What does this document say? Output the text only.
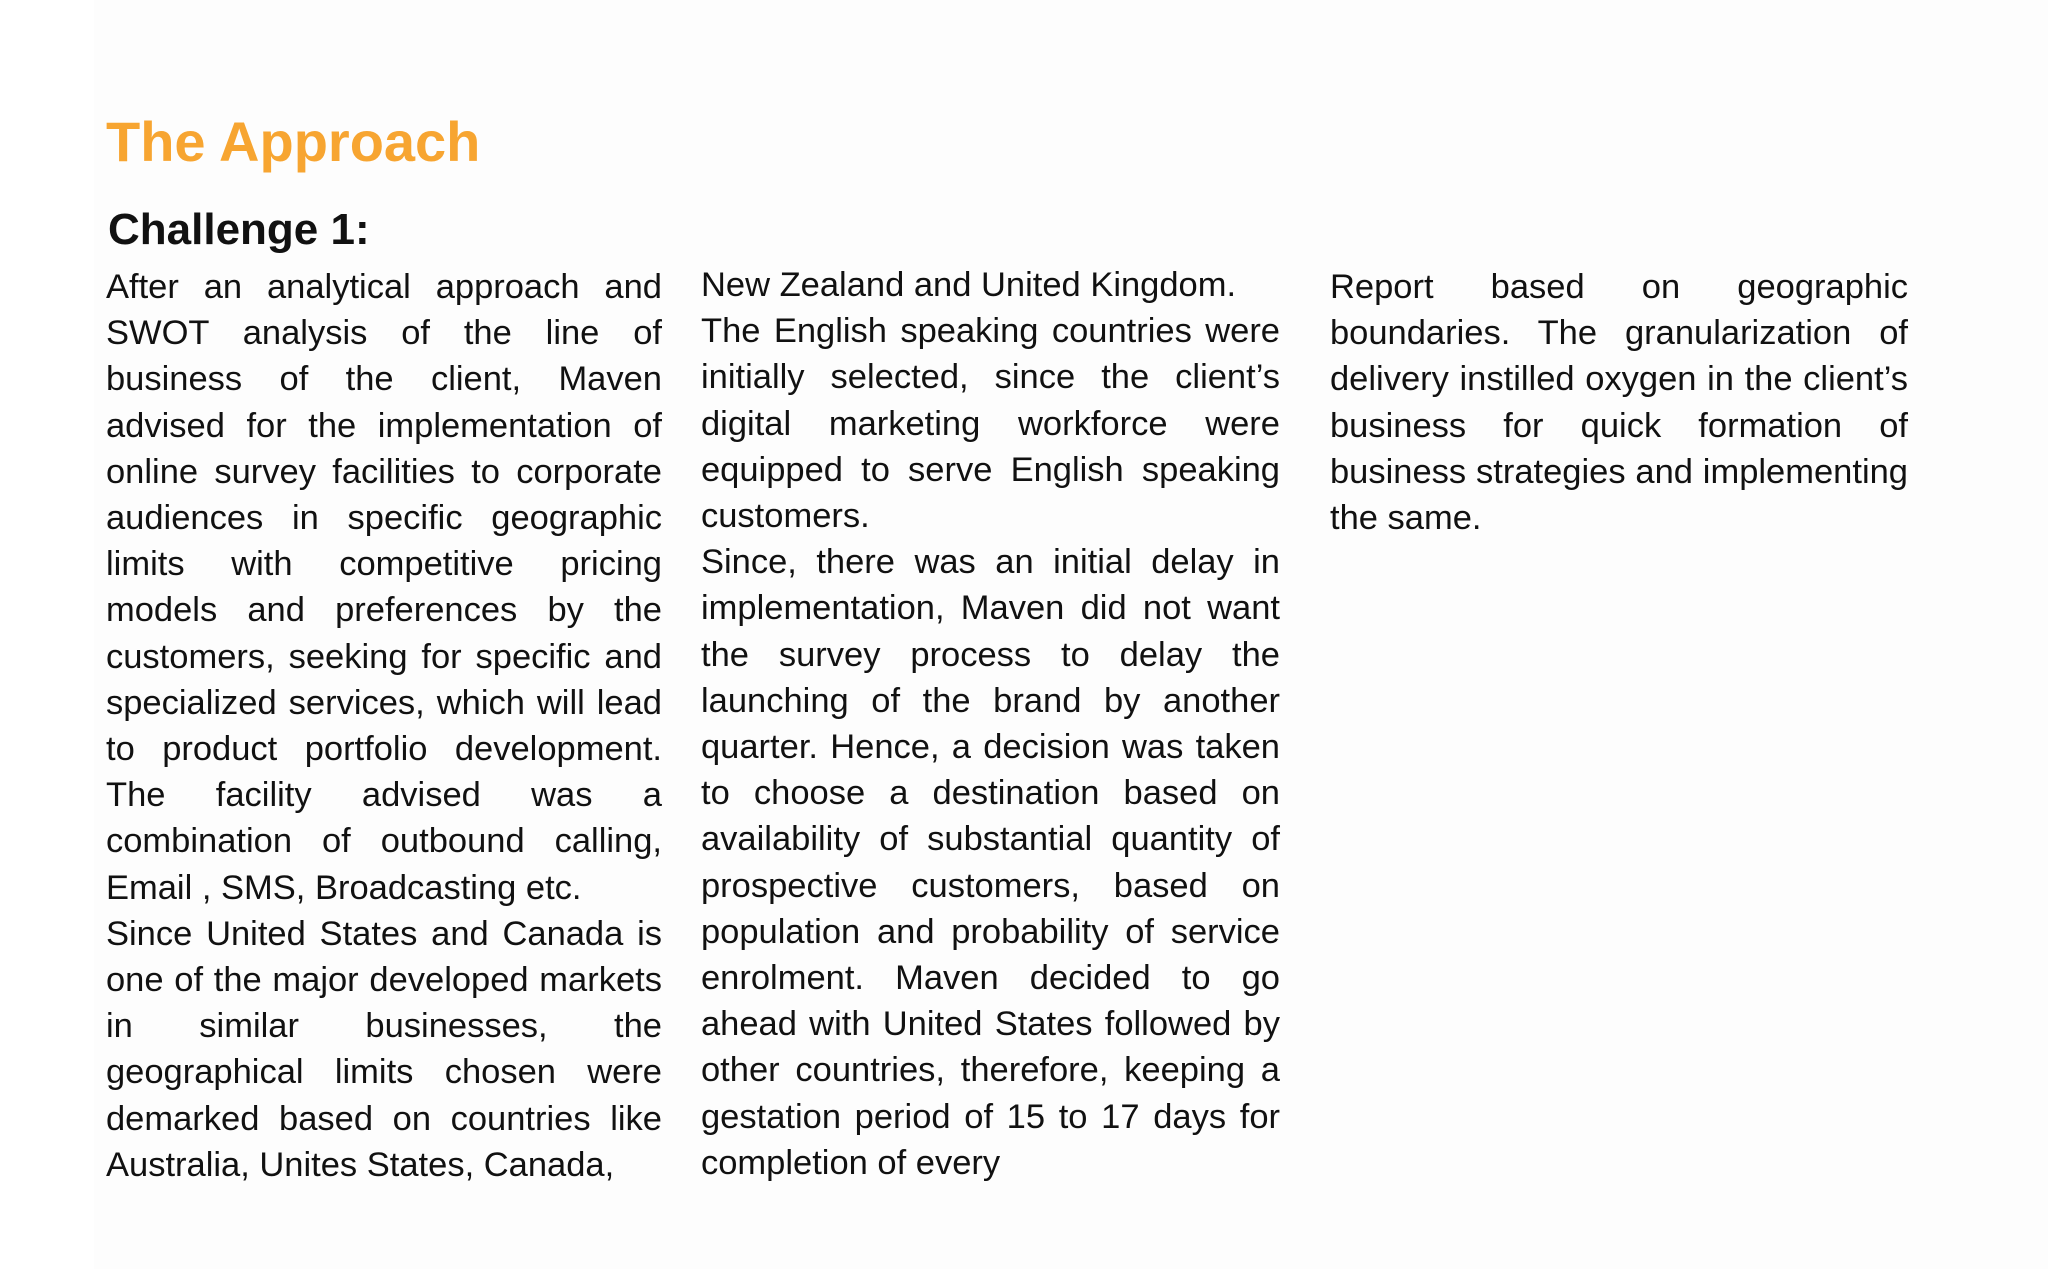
The Approach
Challenge 1:

After an analytical approach and SWOT analysis of the line of business of the client, Maven advised for the implementation of online survey facilities to corporate audiences in specific geographic limits with competitive pricing models and preferences by the customers, seeking for specific and specialized services, which will lead to product portfolio development. The facility advised was a combination of outbound calling, Email , SMS, Broadcasting etc.

Since United States and Canada is one of the major developed markets in similar businesses, the geographical limits chosen were demarked based on countries like Australia, Unites States, Canada,

New Zealand and United Kingdom.

The English speaking countries were initially selected, since the client’s digital marketing workforce were equipped to serve English speaking customers.

Since, there was an initial delay in implementation, Maven did not want the survey process to delay the launching of the brand by another quarter. Hence, a decision was taken to choose a destination based on availability of substantial quantity of prospective customers, based on population and probability of service enrolment. Maven decided to go ahead with United States followed by other countries, therefore, keeping a gestation period of 15 to 17 days for completion of every

Report based on geographic boundaries. The granularization of delivery instilled oxygen in the client’s business for quick formation of business strategies and implementing the same.
